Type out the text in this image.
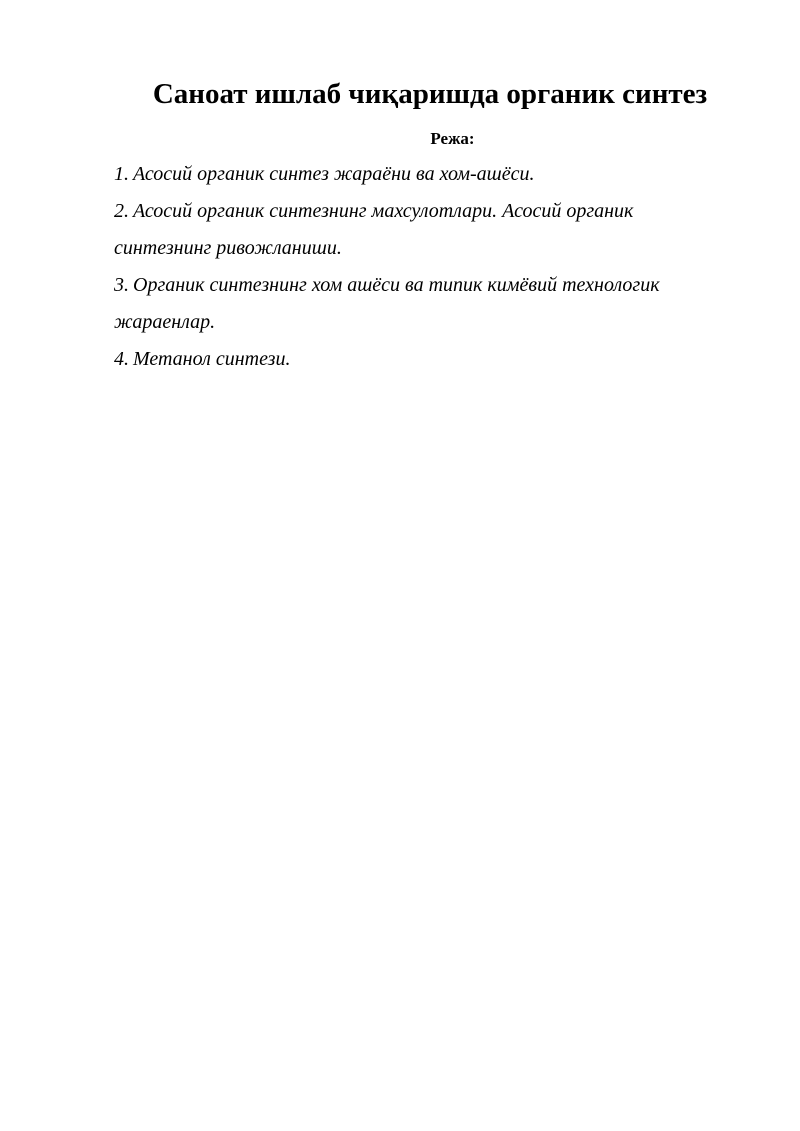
Саноат ишлаб чиқаришда органик синтез
Режа:
1. Асосий органик синтез жараёни ва хом-ашёси.
2. Асосий органик синтезнинг махсулотлари. Асосий органик синтезнинг ривожланиши.
3. Органик синтезнинг хом ашёси ва типик кимёвий технологик жараенлар.
4. Метанол синтези.
